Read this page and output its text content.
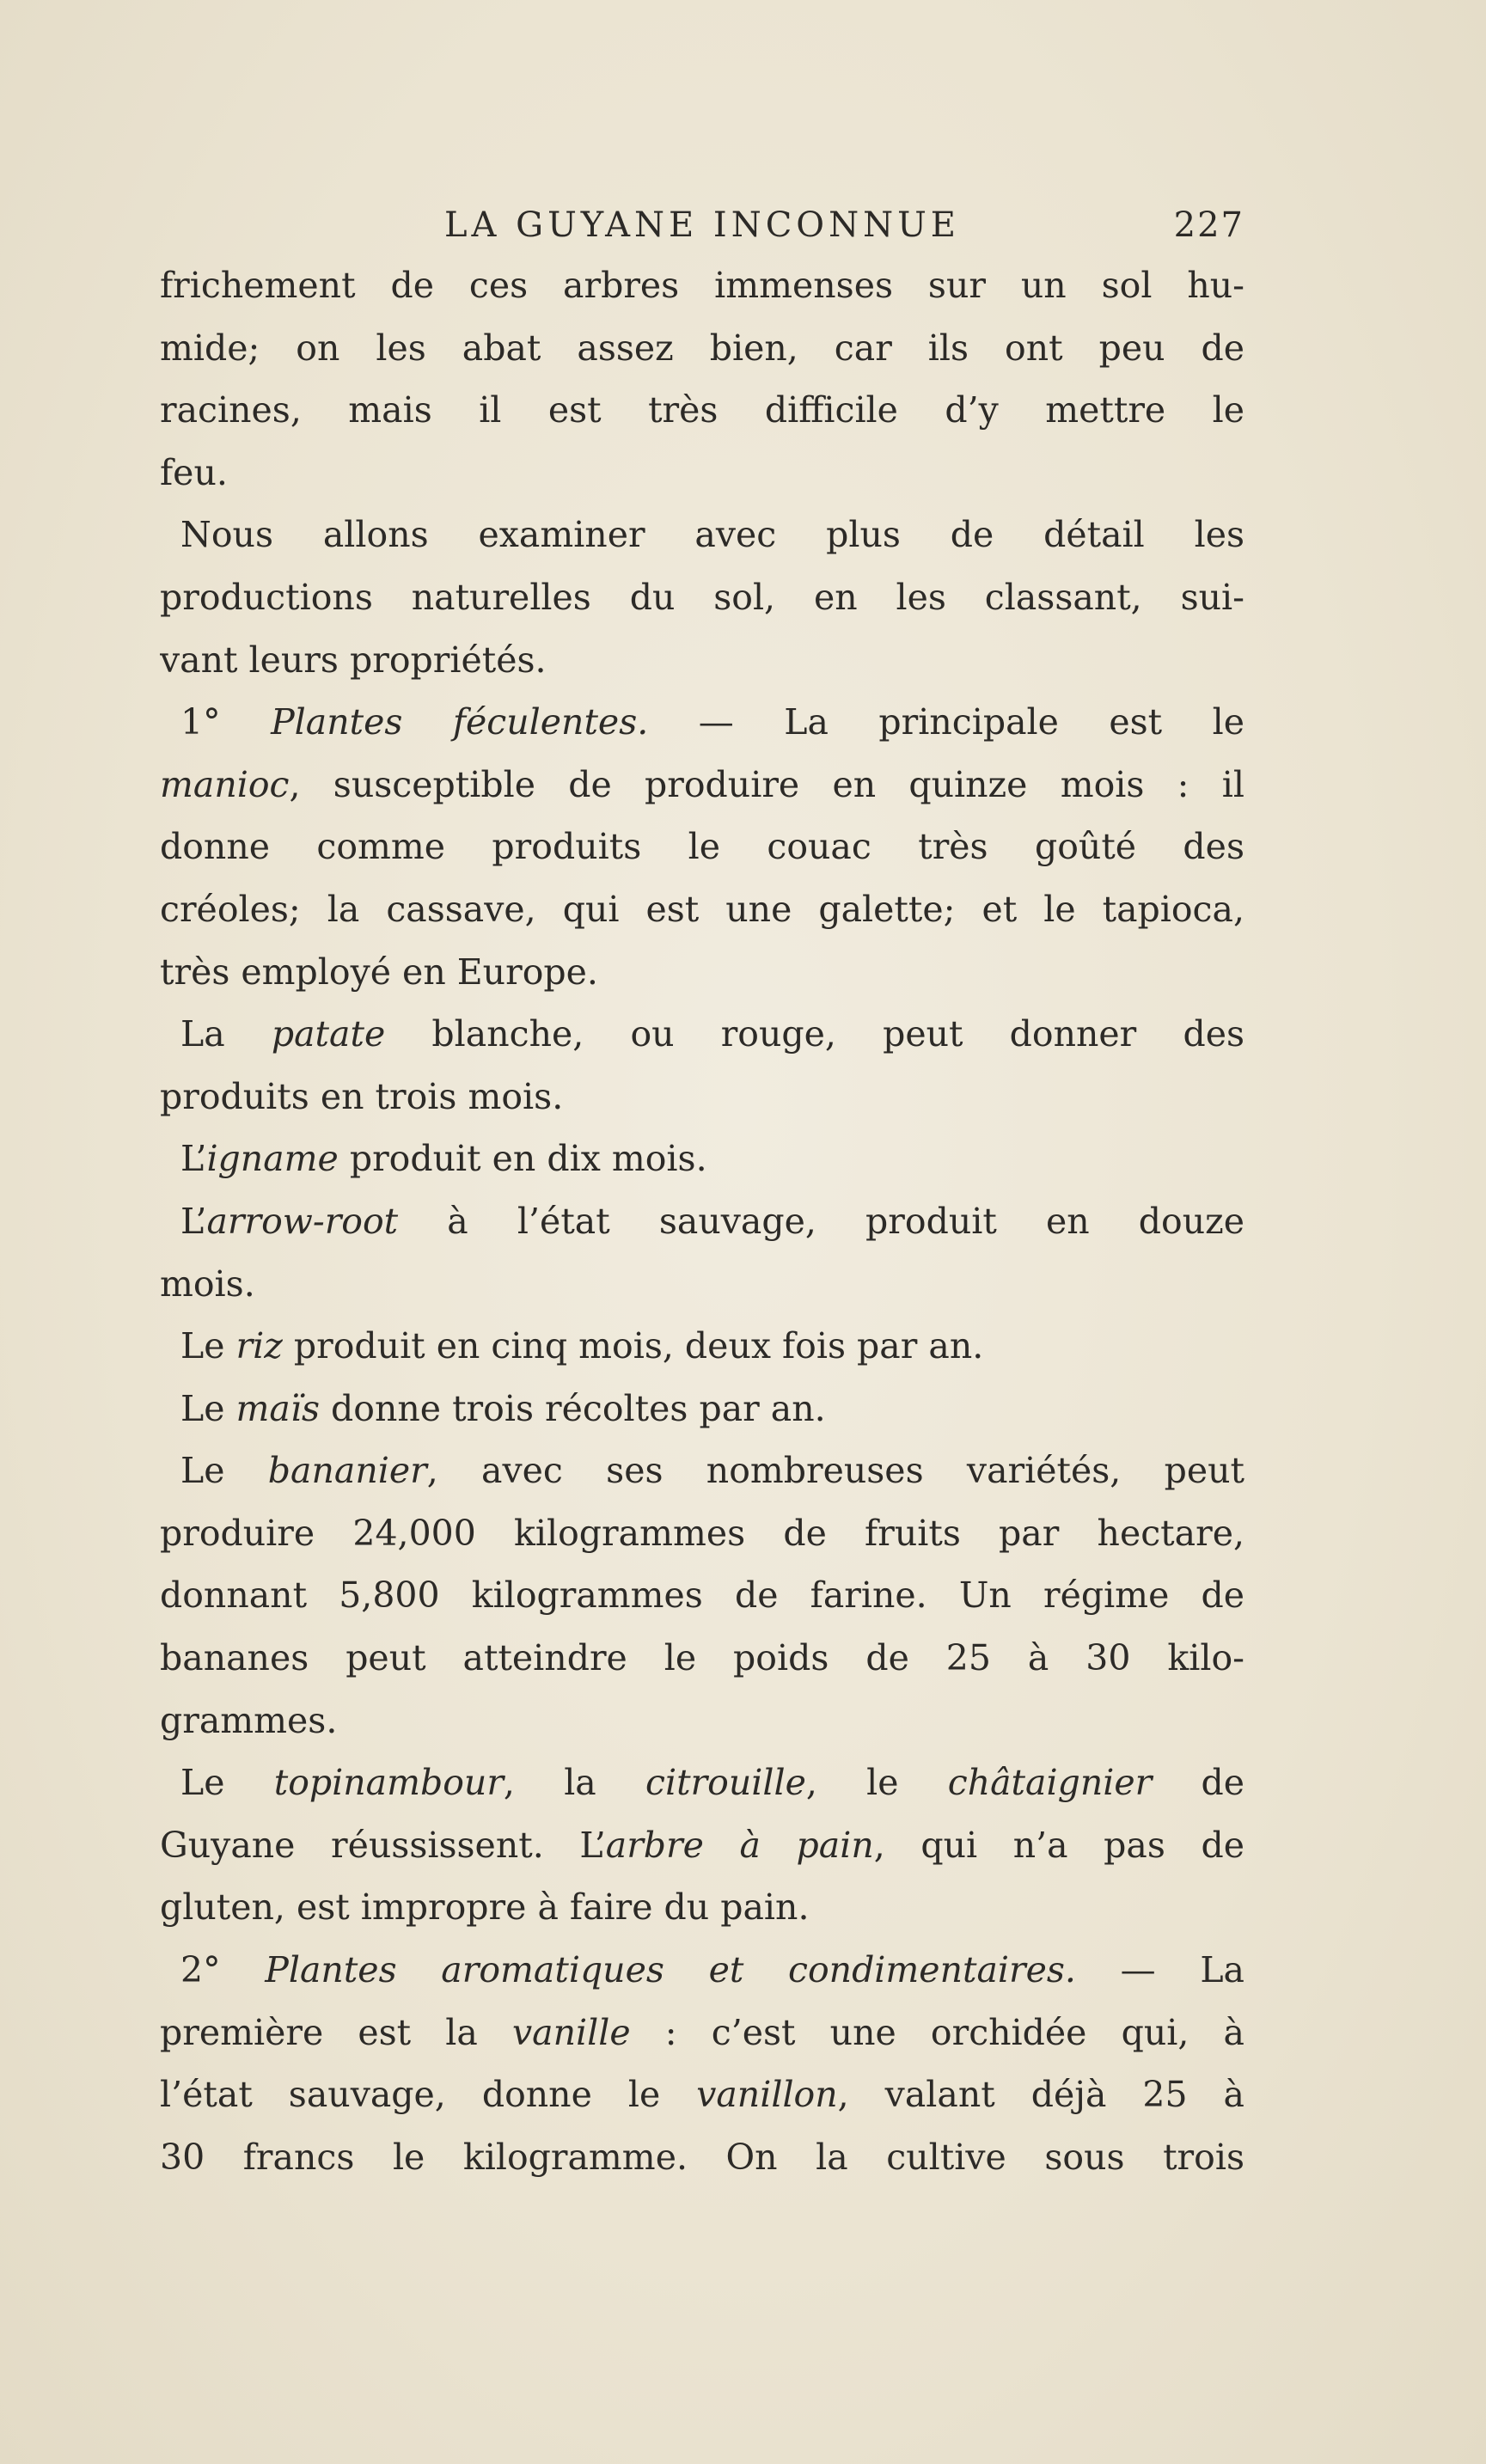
LA GUYANE INCONNUE	227
frichement de ces arbres immenses sur un sol hu-
mide; on les abat assez bien, car ils ont peu de
racines, mais il est très difficile d’y mettre le
feu.
Nous allons examiner avec plus de détail les
productions naturelles du sol, en les classant, sui-
vant leurs propriétés.
1° Plantes féculentes. — La principale est le
manioc, susceptible de produire en quinze mois : il
donne comme produits le couac très goûté des
créoles; la cassave, qui est une galette; et le tapioca,
très employé en Europe.
La patate blanche, ou rouge, peut donner des
produits en trois mois.
L’igname produit en dix mois.
L’arrow-root à l’état sauvage, produit en douze
mois.
Le riz produit en cinq mois, deux fois par an.
Le maïs donne trois récoltes par an.
Le bananier, avec ses nombreuses variétés, peut
produire 24,000 kilogrammes de fruits par hectare,
donnant 5,800 kilogrammes de farine. Un régime de
bananes peut atteindre le poids de 25 à 30 kilo-
grammes.
Le topinambour, la citrouille, le châtaignier de
Guyane réussissent. L’arbre à pain, qui n’a pas de
gluten, est impropre à faire du pain.
2° Plantes aromatiques et condimentaires. — La
première est la vanille : c’est une orchidée qui, à
l’état sauvage, donne le vanillon, valant déjà 25 à
30 francs le kilogramme. On la cultive sous trois
